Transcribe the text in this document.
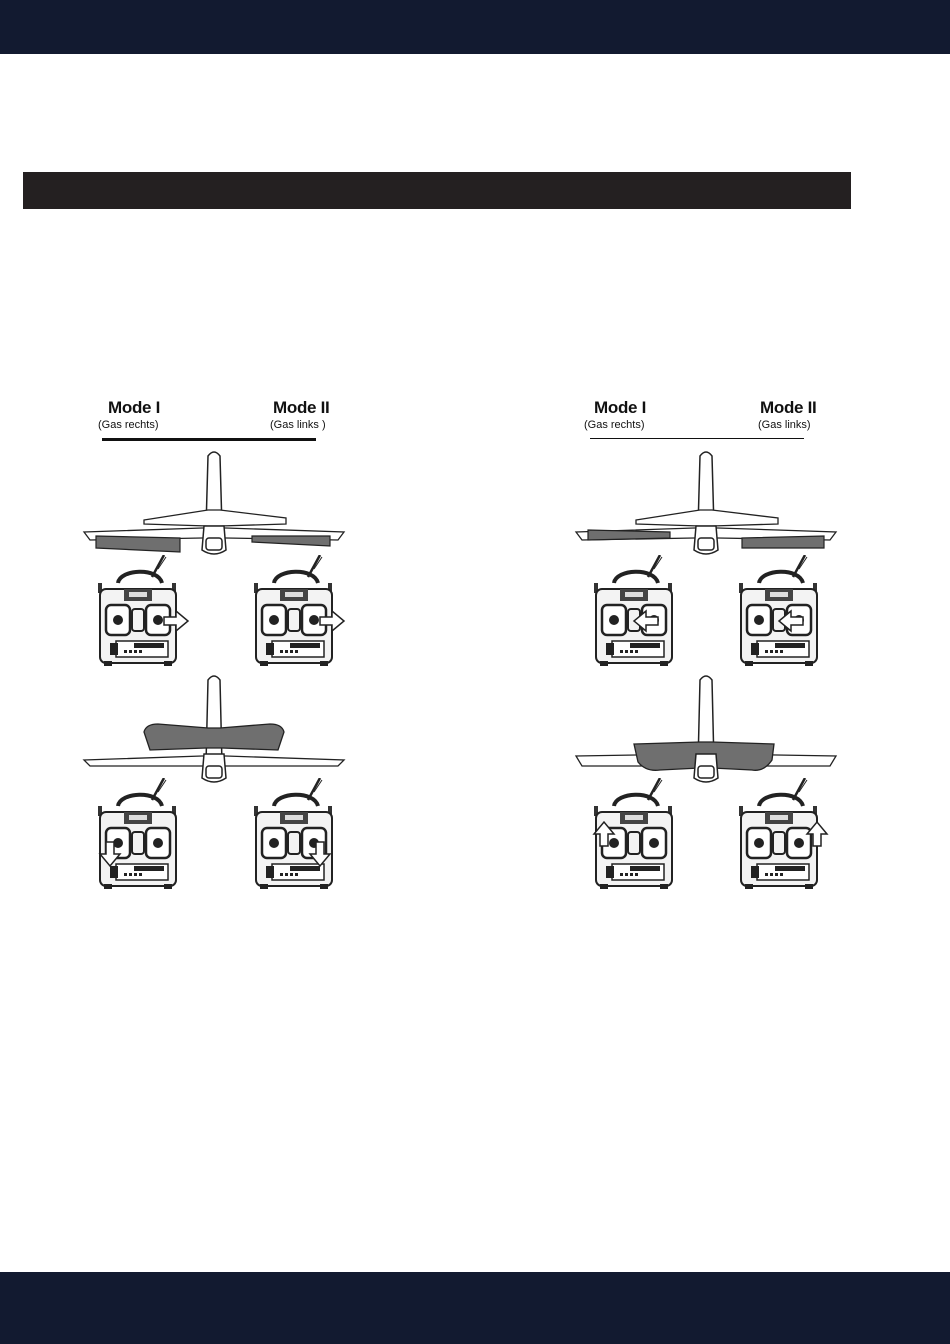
Mode I
(Gas rechts)
Mode II
(Gas links )
Mode I
(Gas rechts)
Mode II
(Gas links)
